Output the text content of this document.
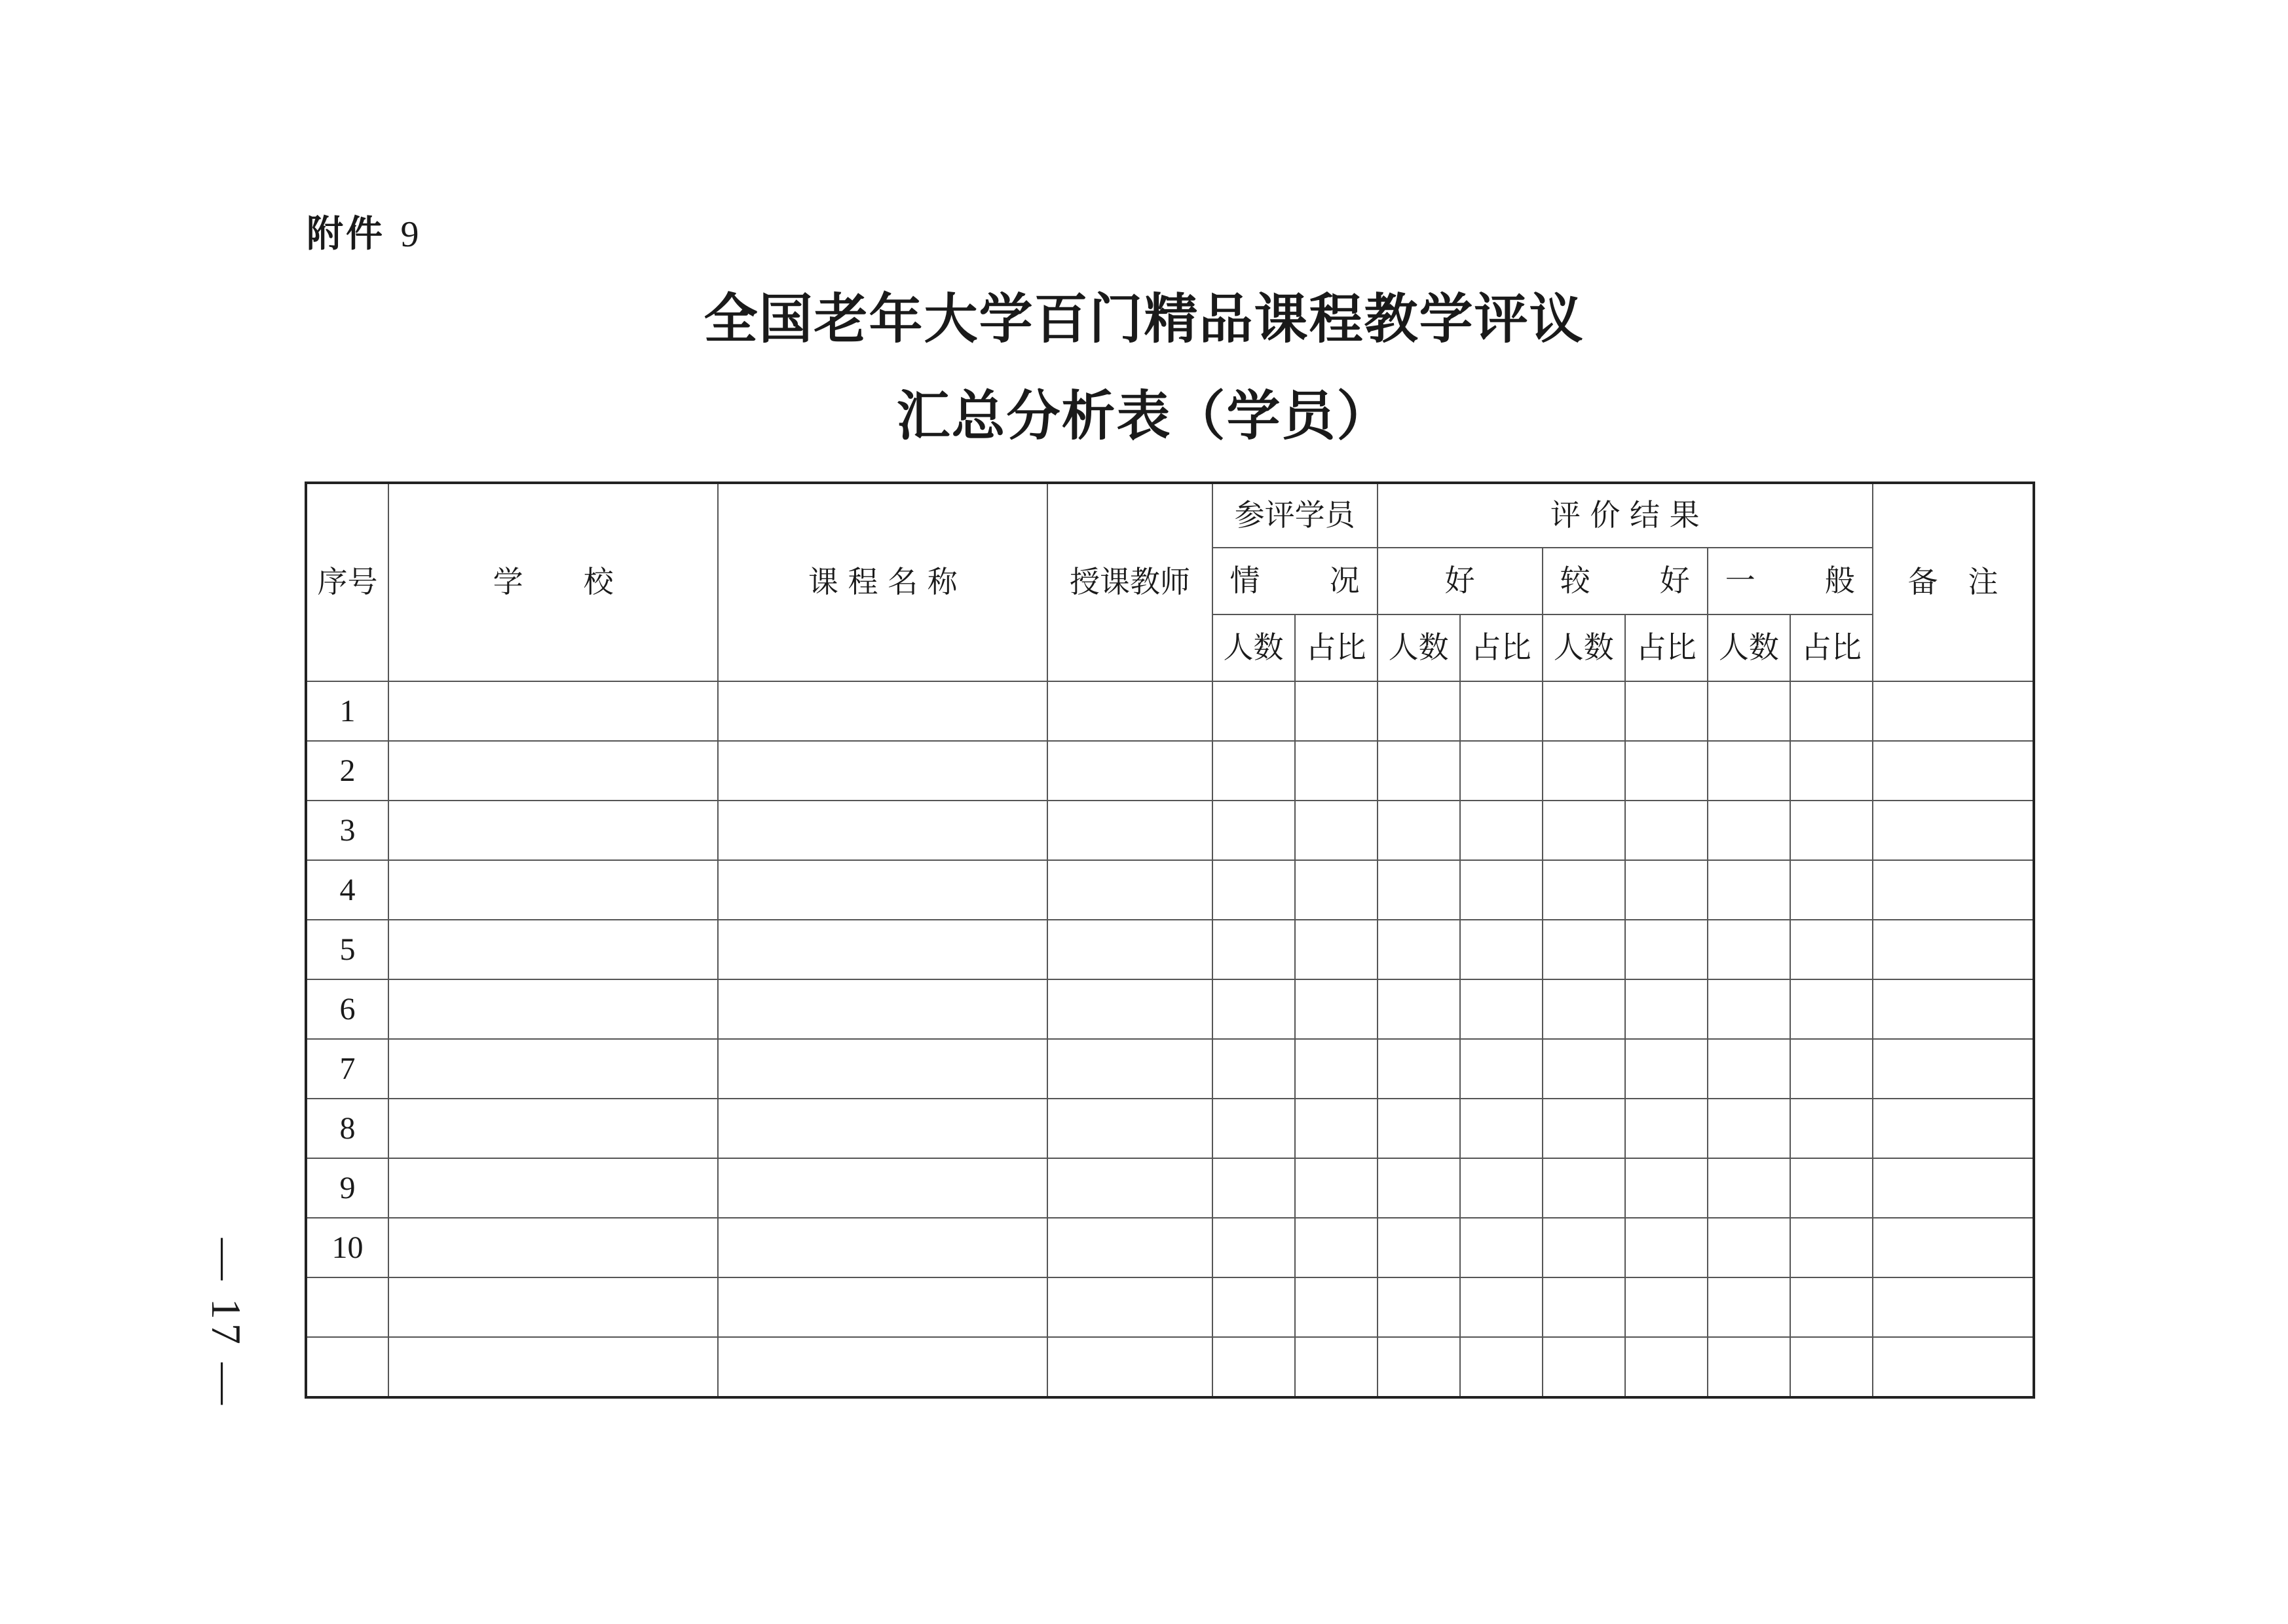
附件 9
全国老年大学百门精品课程教学评议
汇总分析表（学员）
— 17 —
序号	学　　校	课 程 名 称	授课教师	参评学员		评 价 结 果						备　注

				情 况		好		较 好		一 般		

				人数	占比	人数	占比	人数	占比	人数	占比	
1												
2												
3												
4												
5												
6												
7												
8												
9												
10												
